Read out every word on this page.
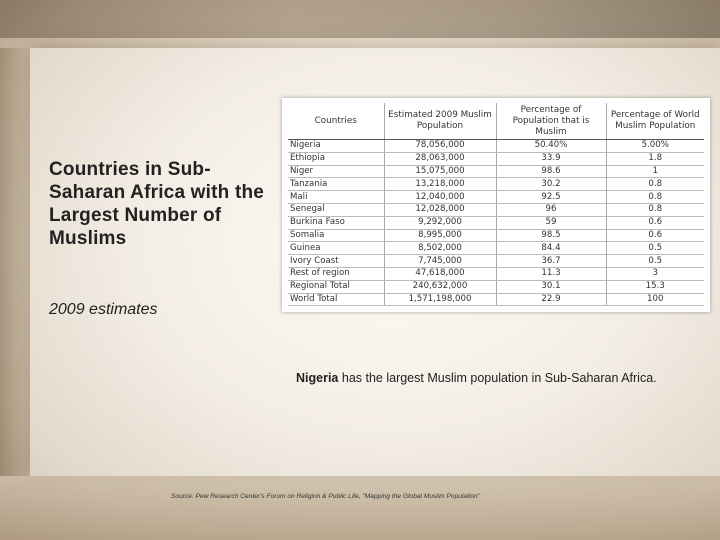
Countries in Sub-Saharan Africa with the Largest Number of Muslims
2009 estimates
Countries	Estimated 2009 Muslim Population	Percentage of Population that is Muslim	Percentage of World Muslim Population
Nigeria	78,056,000	50.40%	5.00%
Ethiopia	28,063,000	33.9	1.8
Niger	15,075,000	98.6	1
Tanzania	13,218,000	30.2	0.8
Mali	12,040,000	92.5	0.8
Senegal	12,028,000	96	0.8
Burkina Faso	9,292,000	59	0.6
Somalia	8,995,000	98.5	0.6
Guinea	8,502,000	84.4	0.5
Ivory Coast	7,745,000	36.7	0.5
Rest of region	47,618,000	11.3	3
Regional Total	240,632,000	30.1	15.3
World Total	1,571,198,000	22.9	100
Nigeria has the largest Muslim population in Sub-Saharan Africa.
Source: Pew Research Center's Forum on Religion & Public Life, "Mapping the Global Muslim Population"
